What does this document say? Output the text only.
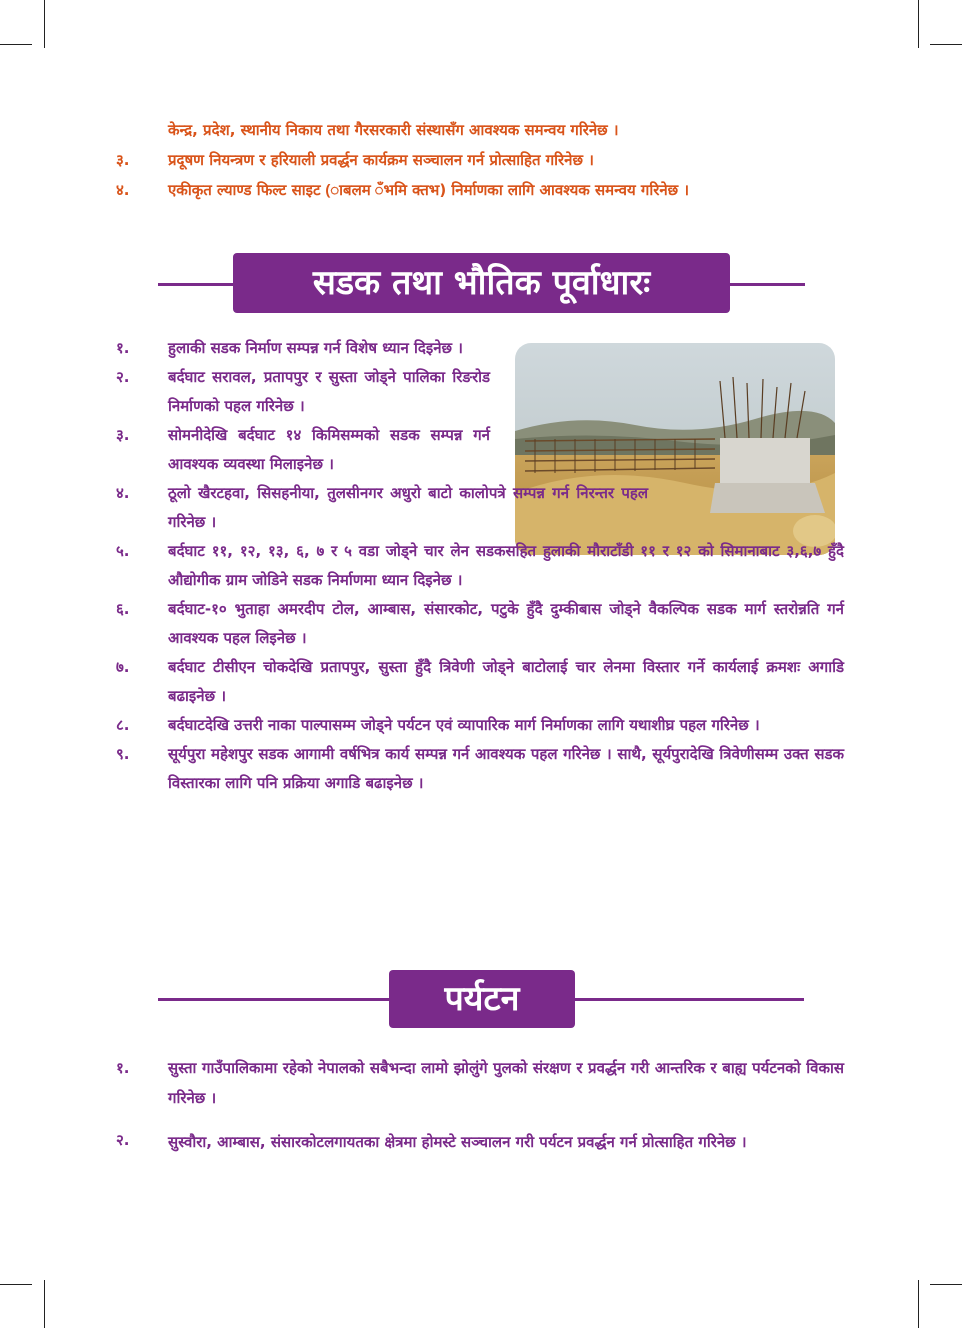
केन्द्र, प्रदेश, स्थानीय निकाय तथा गैरसरकारी संस्थासँग आवश्यक समन्वय गरिनेछ ।
३.	प्रदूषण नियन्त्रण र हरियाली प्रवर्द्धन कार्यक्रम सञ्चालन गर्न प्रोत्साहित गरिनेछ ।
४.	एकीकृत ल्याण्ड फिल्ट साइट (ाबलम ँभमि क्तभ) निर्माणका लागि आवश्यक समन्वय गरिनेछ ।
सडक तथा भौतिक पूर्वाधारः
१.	हुलाकी सडक निर्माण सम्पन्न गर्न विशेष ध्यान दिइनेछ ।
२.	बर्दघाट सरावल, प्रतापपुर र सुस्ता जोड्ने पालिका रिङरोड निर्माणको पहल गरिनेछ ।
३.	सोमनीदेखि बर्दघाट १४ किमिसम्मको सडक सम्पन्न गर्न आवश्यक व्यवस्था मिलाइनेछ ।
४.	ठूलो खैरटहवा, सिसहनीया, तुलसीनगर अधुरो बाटो कालोपत्रे सम्पन्न गर्न निरन्तर पहल गरिनेछ ।
५.	बर्दघाट ११, १२, १३, ६, ७ र ५ वडा जोड्ने चार लेन सडकसहित हुलाकी मौराटाँडी ११ र १२ को सिमानाबाट ३,६,७ हुँदै औद्योगीक ग्राम जोडिने सडक निर्माणमा ध्यान दिइनेछ ।
६.	बर्दघाट-१० भुताहा अमरदीप टोल, आम्बास, संसारकोट, पटुके हुँदै दुम्कीबास जोड्ने वैकल्पिक सडक मार्ग स्तरोन्नति गर्न आवश्यक पहल लिइनेछ ।
७.	बर्दघाट टीसीएन चोकदेखि प्रतापपुर, सुस्ता हुँदै त्रिवेणी जोड्ने बाटोलाई चार लेनमा विस्तार गर्ने कार्यलाई क्रमशः अगाडि बढाइनेछ ।
८.	बर्दघाटदेखि उत्तरी नाका पाल्पासम्म जोड्ने पर्यटन एवं व्यापारिक मार्ग निर्माणका लागि यथाशीघ्र पहल गरिनेछ ।
९.	सूर्यपुरा महेशपुर सडक आगामी वर्षभित्र कार्य सम्पन्न गर्न आवश्यक पहल गरिनेछ । साथै, सूर्यपुरादेखि त्रिवेणीसम्म उक्त सडक विस्तारका लागि पनि प्रक्रिया अगाडि बढाइनेछ ।
पर्यटन
१.	सुस्ता गाउँपालिकामा रहेको नेपालको सबैभन्दा लामो झोलुंगे पुलको संरक्षण र प्रवर्द्धन गरी आन्तरिक र बाह्य पर्यटनको विकास गरिनेछ ।
२.	सुस्वौरा, आम्बास, संसारकोटलगायतका क्षेत्रमा होमस्टे सञ्चालन गरी पर्यटन प्रवर्द्धन गर्न प्रोत्साहित गरिनेछ ।
